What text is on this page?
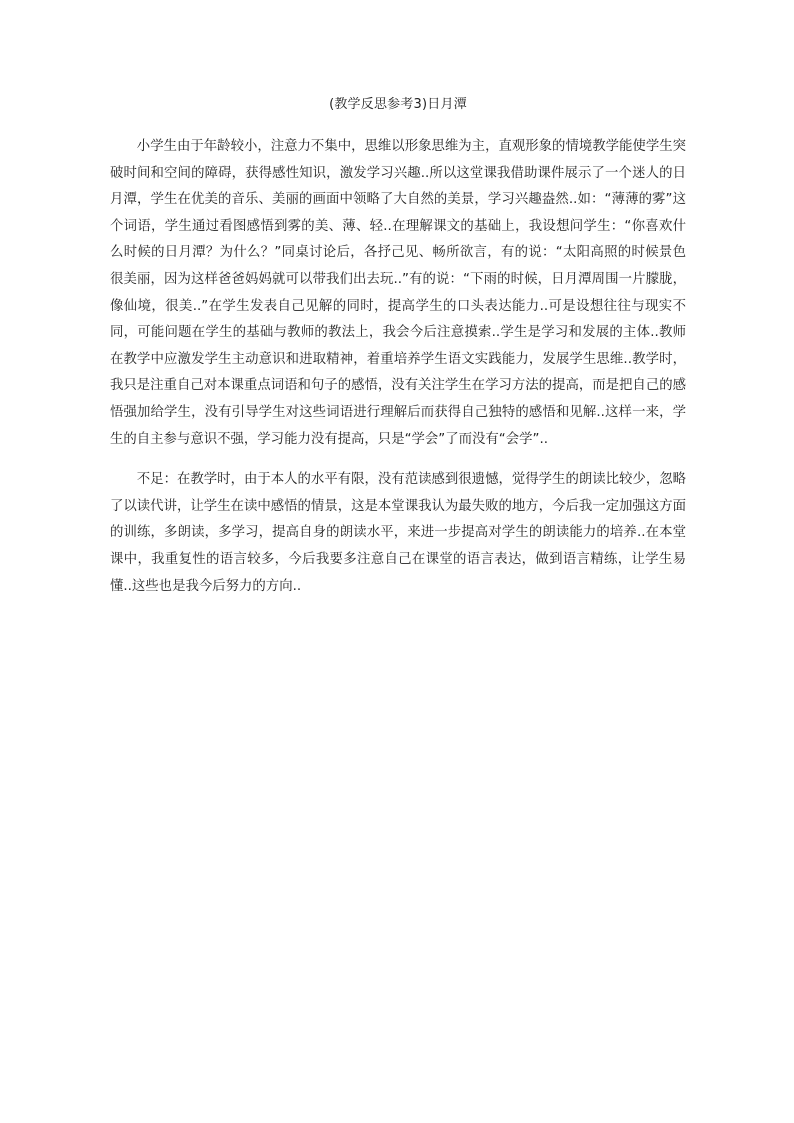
(教学反思参考3)日月潭

小学生由于年龄较小，注意力不集中，思维以形象思维为主，直观形象的情境教学能使学生突破时间和空间的障碍，获得感性知识，激发学习兴趣..所以这堂课我借助课件展示了一个迷人的日月潭，学生在优美的音乐、美丽的画面中领略了大自然的美景，学习兴趣盎然..如：“薄薄的雾”这个词语，学生通过看图感悟到雾的美、薄、轻..在理解课文的基础上，我设想问学生：“你喜欢什么时候的日月潭？为什么？”同桌讨论后，各抒己见、畅所欲言，有的说：“太阳高照的时候景色很美丽，因为这样爸爸妈妈就可以带我们出去玩..”有的说：“下雨的时候，日月潭周围一片朦胧，像仙境，很美..”在学生发表自己见解的同时，提高学生的口头表达能力..可是设想往往与现实不同，可能问题在学生的基础与教师的教法上，我会今后注意摸索..学生是学习和发展的主体..教师在教学中应激发学生主动意识和进取精神，着重培养学生语文实践能力，发展学生思维..教学时，我只是注重自己对本课重点词语和句子的感悟，没有关注学生在学习方法的提高，而是把自己的感悟强加给学生，没有引导学生对这些词语进行理解后而获得自己独特的感悟和见解..这样一来，学生的自主参与意识不强，学习能力没有提高，只是“学会”了而没有“会学”..

不足：在教学时，由于本人的水平有限，没有范读感到很遗憾，觉得学生的朗读比较少，忽略了以读代讲，让学生在读中感悟的情景，这是本堂课我认为最失败的地方，今后我一定加强这方面的训练，多朗读，多学习，提高自身的朗读水平，来进一步提高对学生的朗读能力的培养..在本堂课中，我重复性的语言较多，今后我要多注意自己在课堂的语言表达，做到语言精练，让学生易懂..这些也是我今后努力的方向..
